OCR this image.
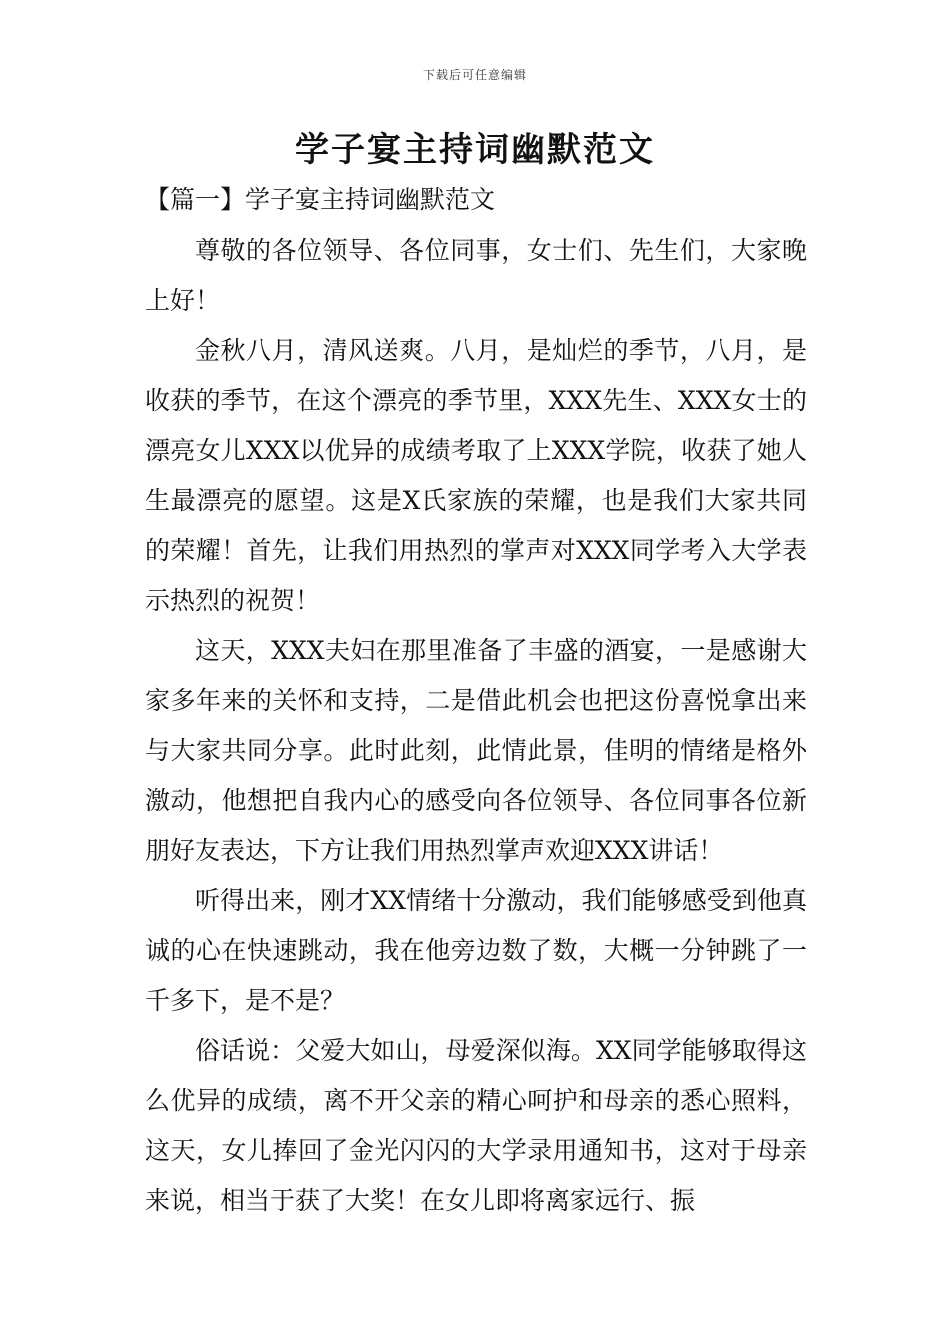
下载后可任意编辑
学子宴主持词幽默范文
【篇一】学子宴主持词幽默范文

尊敬的各位领导、各位同事，女士们、先生们，大家晚上好！

金秋八月，清风送爽。八月，是灿烂的季节，八月，是收获的季节，在这个漂亮的季节里，XXX先生、XXX女士的漂亮女儿XXX以优异的成绩考取了上XXX学院，收获了她人生最漂亮的愿望。这是X氏家族的荣耀，也是我们大家共同的荣耀！首先，让我们用热烈的掌声对XXX同学考入大学表示热烈的祝贺！

这天，XXX夫妇在那里准备了丰盛的酒宴，一是感谢大家多年来的关怀和支持，二是借此机会也把这份喜悦拿出来与大家共同分享。此时此刻，此情此景，佳明的情绪是格外激动，他想把自我内心的感受向各位领导、各位同事各位新朋好友表达，下方让我们用热烈掌声欢迎XXX讲话！

听得出来，刚才XX情绪十分激动，我们能够感受到他真诚的心在快速跳动，我在他旁边数了数，大概一分钟跳了一千多下，是不是？

俗话说：父爱大如山，母爱深似海。XX同学能够取得这么优异的成绩，离不开父亲的精心呵护和母亲的悉心照料，这天，女儿捧回了金光闪闪的大学录用通知书，这对于母亲来说，相当于获了大奖！在女儿即将离家远行、振
